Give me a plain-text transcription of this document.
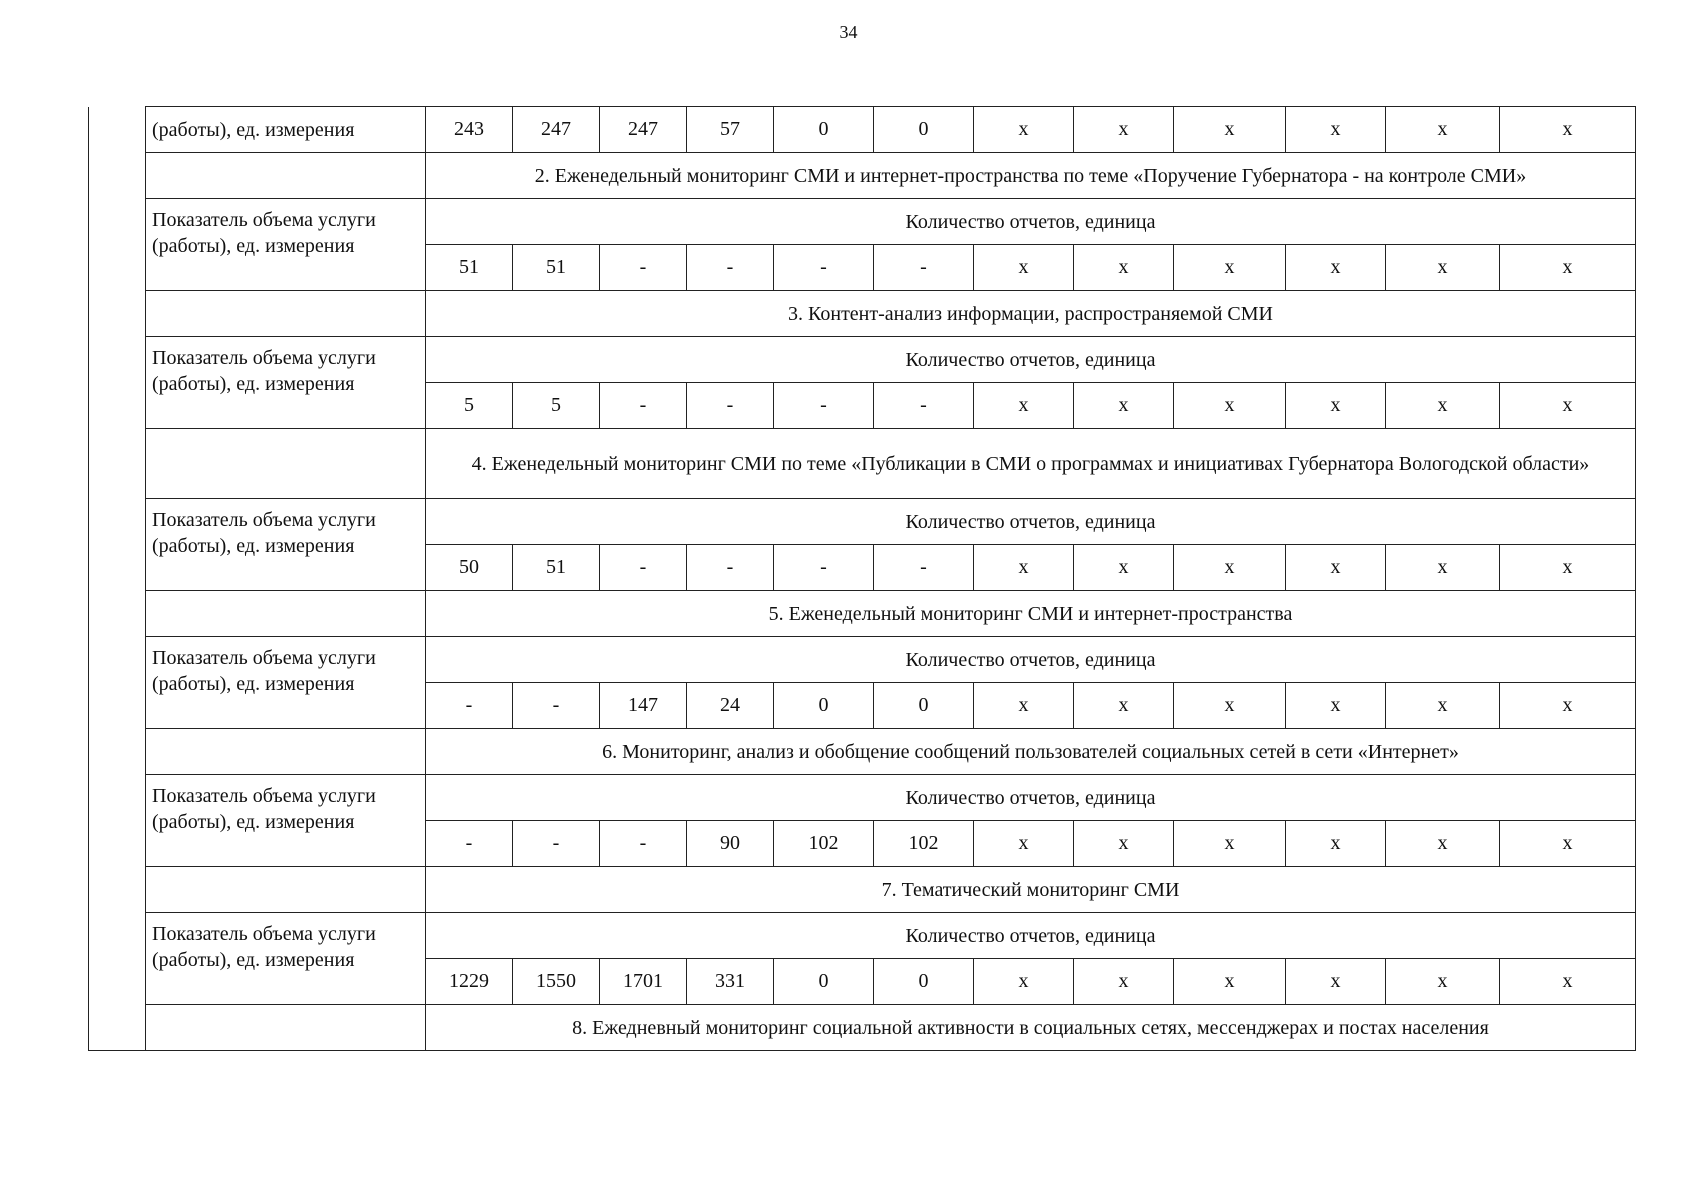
34
	(работы), ед. измерения	243	247	247	57	0	0	x	x	x	x	x	x
		2. Еженедельный мониторинг СМИ и интернет-пространства по теме «Поручение Губернатора - на контроле СМИ»											
	Показатель объема услуги (работы), ед. измерения	Количество отчетов, единица											
		51	51	-	-	-	-	x	x	x	x	x	x
		3. Контент-анализ информации, распространяемой СМИ											
	Показатель объема услуги (работы), ед. измерения	Количество отчетов, единица											
		5	5	-	-	-	-	x	x	x	x	x	x
		4. Еженедельный мониторинг СМИ по теме «Публикации в СМИ о программах и инициативах Губернатора Вологодской области»											
	Показатель объема услуги (работы), ед. измерения	Количество отчетов, единица											
		50	51	-	-	-	-	x	x	x	x	x	x
		5. Еженедельный мониторинг СМИ и интернет-пространства											
	Показатель объема услуги (работы), ед. измерения	Количество отчетов, единица											
		-	-	147	24	0	0	x	x	x	x	x	x
		6. Мониторинг, анализ и обобщение сообщений пользователей социальных сетей в сети «Интернет»											
	Показатель объема услуги (работы), ед. измерения	Количество отчетов, единица											
		-	-	-	90	102	102	x	x	x	x	x	x
		7. Тематический мониторинг СМИ											
	Показатель объема услуги (работы), ед. измерения	Количество отчетов, единица											
		1229	1550	1701	331	0	0	x	x	x	x	x	x
		8. Ежедневный мониторинг социальной активности в социальных сетях, мессенджерах и постах населения											
